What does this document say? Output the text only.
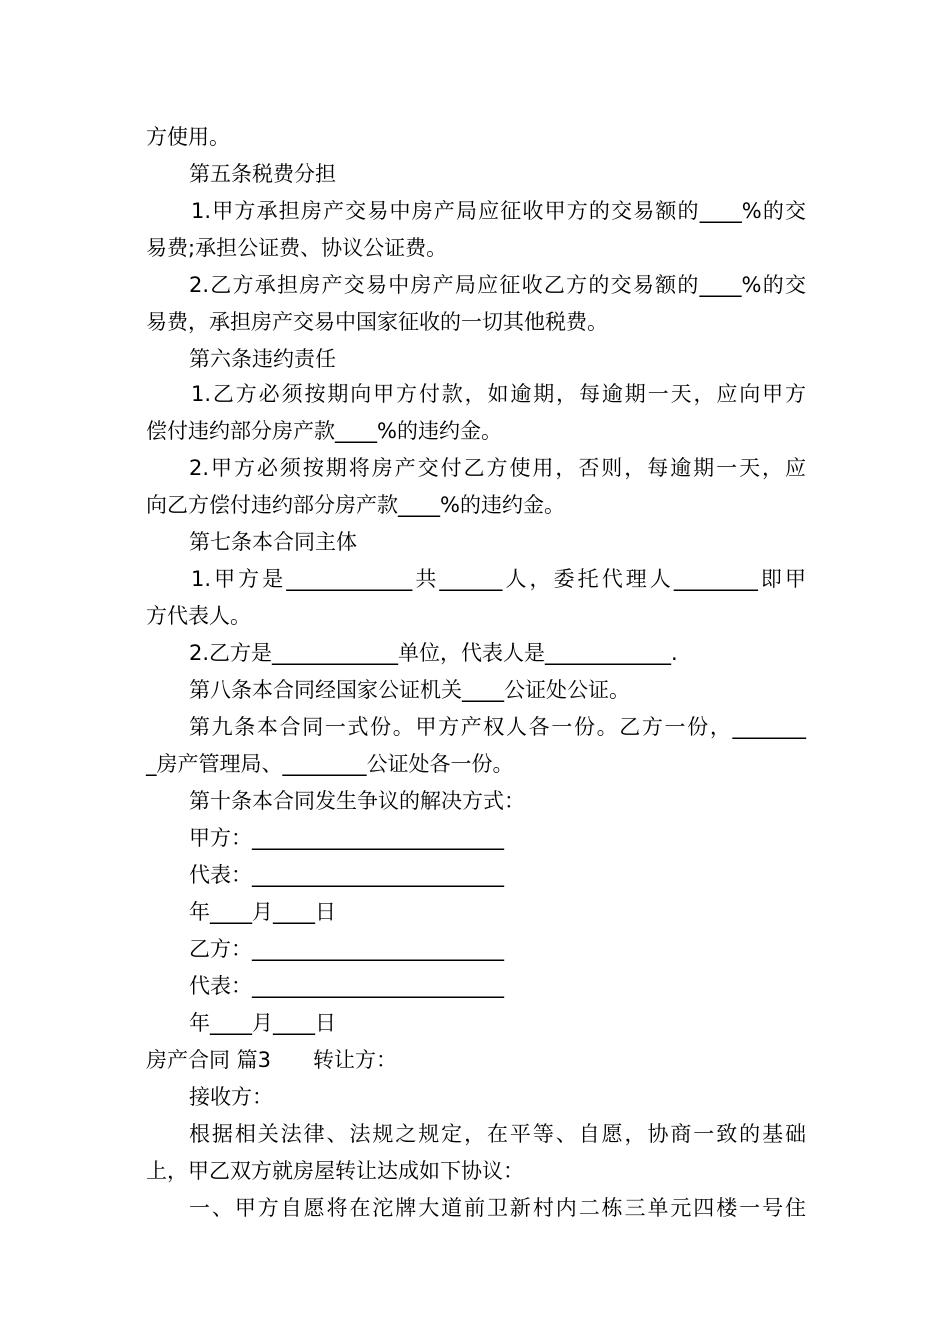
方使用。
第五条税费分担
1.甲方承担房产交易中房产局应征收甲方的交易额的____%的交
易费;承担公证费、协议公证费。
2.乙方承担房产交易中房产局应征收乙方的交易额的____%的交
易费，承担房产交易中国家征收的一切其他税费。
第六条违约责任
1.乙方必须按期向甲方付款，如逾期，每逾期一天，应向甲方
偿付违约部分房产款____%的违约金。
2.甲方必须按期将房产交付乙方使用，否则，每逾期一天，应
向乙方偿付违约部分房产款____%的违约金。
第七条本合同主体
1.甲方是____________共______人，委托代理人________即甲
方代表人。
2.乙方是____________单位，代表人是____________.
第八条本合同经国家公证机关____公证处公证。
第九条本合同一式份。甲方产权人各一份。乙方一份，_______
_房产管理局、________公证处各一份。
第十条本合同发生争议的解决方式：
甲方：________________________
代表：________________________
年____月____日
乙方：________________________
代表：________________________
年____月____日
房产合同 篇3　　转让方：
接收方：
根据相关法律、法规之规定，在平等、自愿，协商一致的基础
上，甲乙双方就房屋转让达成如下协议：
一、甲方自愿将在沱牌大道前卫新村内二栋三单元四楼一号住
